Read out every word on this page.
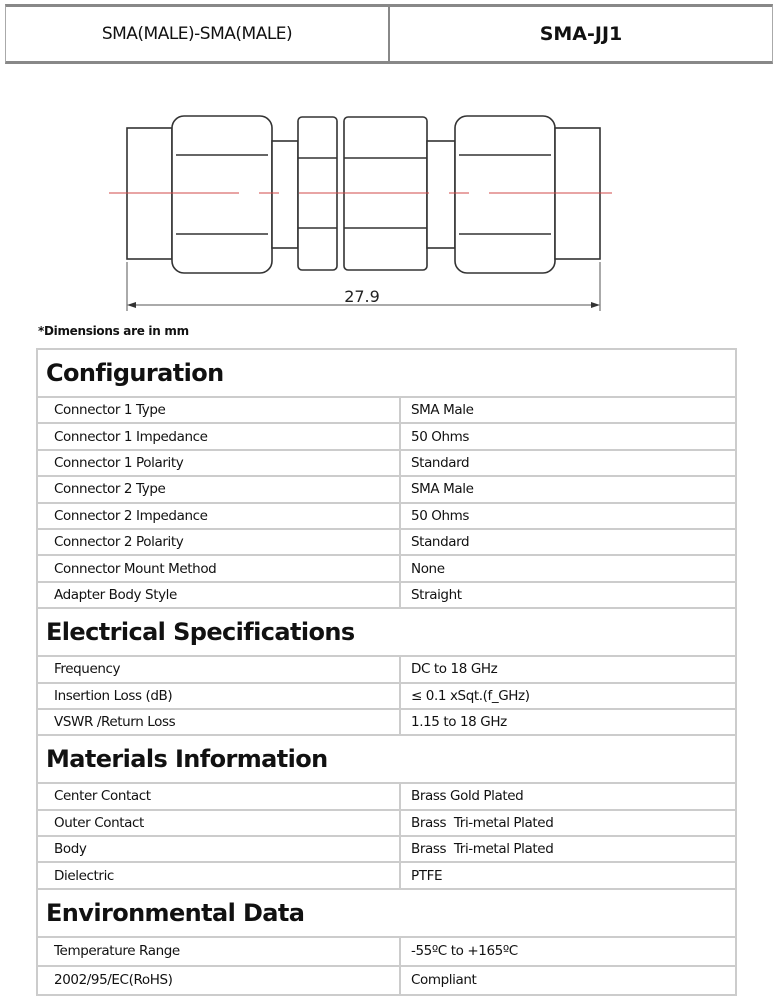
SMA(MALE)-SMA(MALE)	SMA-JJ1
27.9
*Dimensions are in mm
Configuration
Connector 1 Type	SMA Male
Connector 1 Impedance	50 Ohms
Connector 1 Polarity	Standard
Connector 2 Type	SMA Male
Connector 2 Impedance	50 Ohms
Connector 2 Polarity	Standard
Connector Mount Method	None
Adapter Body Style	Straight
Electrical Specifications
Frequency	DC to 18 GHz
Insertion Loss (dB)	≤ 0.1 xSqt.(f_GHz)
VSWR /Return Loss	1.15 to 18 GHz
Materials Information
Center Contact	Brass Gold Plated
Outer Contact	Brass  Tri-metal Plated
Body	Brass  Tri-metal Plated
Dielectric	PTFE
Environmental Data
Temperature Range	-55ºC to +165ºC
2002/95/EC(RoHS)	Compliant
